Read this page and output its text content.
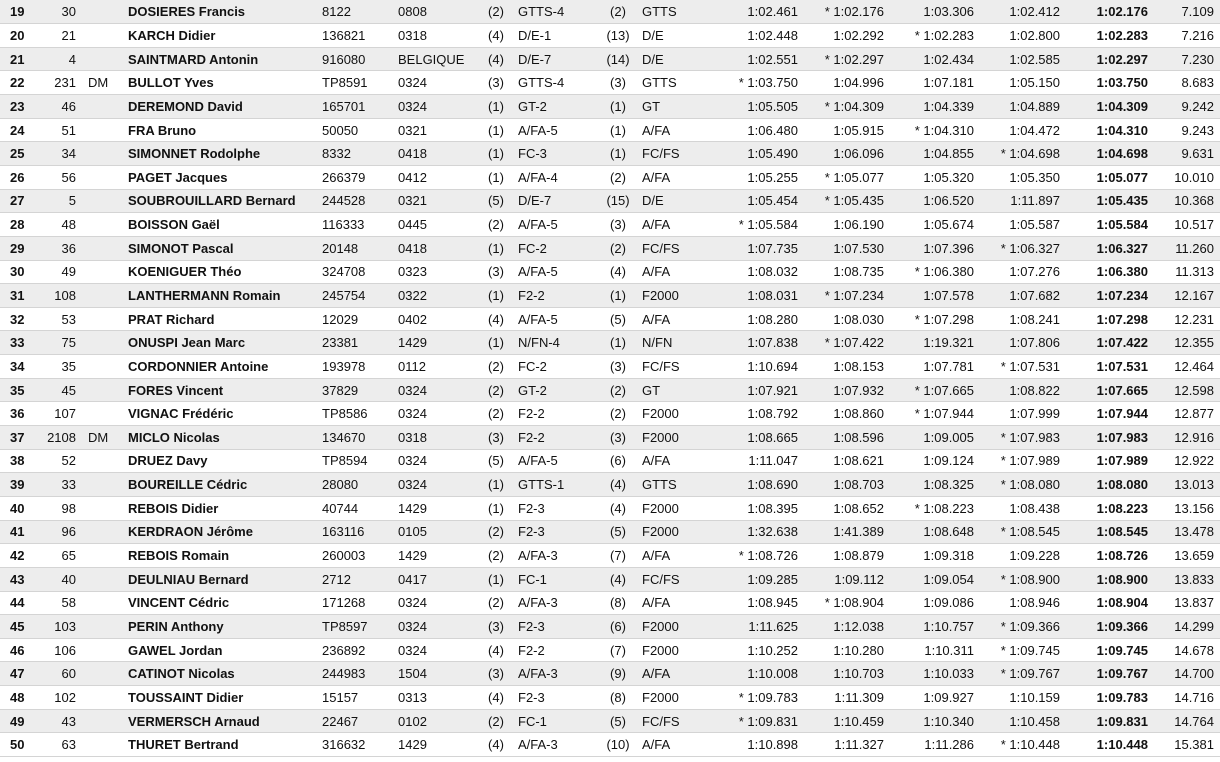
19	30		DOSIERES Francis	8122	0808	(2)	GTTS-4	(2)	GTTS	1:02.461	* 1:02.176	1:03.306	1:02.412	1:02.176	7.109
20	21		KARCH Didier	136821	0318	(4)	D/E-1	(13)	D/E	1:02.448	1:02.292	* 1:02.283	1:02.800	1:02.283	7.216
21	4		SAINTMARD Antonin	916080	BELGIQUE	(4)	D/E-7	(14)	D/E	1:02.551	* 1:02.297	1:02.434	1:02.585	1:02.297	7.230
22	231	DM	BULLOT Yves	TP8591	0324	(3)	GTTS-4	(3)	GTTS	* 1:03.750	1:04.996	1:07.181	1:05.150	1:03.750	8.683
23	46		DEREMOND David	165701	0324	(1)	GT-2	(1)	GT	1:05.505	* 1:04.309	1:04.339	1:04.889	1:04.309	9.242
24	51		FRA Bruno	50050	0321	(1)	A/FA-5	(1)	A/FA	1:06.480	1:05.915	* 1:04.310	1:04.472	1:04.310	9.243
25	34		SIMONNET Rodolphe	8332	0418	(1)	FC-3	(1)	FC/FS	1:05.490	1:06.096	1:04.855	* 1:04.698	1:04.698	9.631
26	56		PAGET Jacques	266379	0412	(1)	A/FA-4	(2)	A/FA	1:05.255	* 1:05.077	1:05.320	1:05.350	1:05.077	10.010
27	5		SOUBROUILLARD Bernard	244528	0321	(5)	D/E-7	(15)	D/E	1:05.454	* 1:05.435	1:06.520	1:11.897	1:05.435	10.368
28	48		BOISSON Gaël	116333	0445	(2)	A/FA-5	(3)	A/FA	* 1:05.584	1:06.190	1:05.674	1:05.587	1:05.584	10.517
29	36		SIMONOT Pascal	20148	0418	(1)	FC-2	(2)	FC/FS	1:07.735	1:07.530	1:07.396	* 1:06.327	1:06.327	11.260
30	49		KOENIGUER Théo	324708	0323	(3)	A/FA-5	(4)	A/FA	1:08.032	1:08.735	* 1:06.380	1:07.276	1:06.380	11.313
31	108		LANTHERMANN Romain	245754	0322	(1)	F2-2	(1)	F2000	1:08.031	* 1:07.234	1:07.578	1:07.682	1:07.234	12.167
32	53		PRAT Richard	12029	0402	(4)	A/FA-5	(5)	A/FA	1:08.280	1:08.030	* 1:07.298	1:08.241	1:07.298	12.231
33	75		ONUSPI Jean Marc	23381	1429	(1)	N/FN-4	(1)	N/FN	1:07.838	* 1:07.422	1:19.321	1:07.806	1:07.422	12.355
34	35		CORDONNIER Antoine	193978	0112	(2)	FC-2	(3)	FC/FS	1:10.694	1:08.153	1:07.781	* 1:07.531	1:07.531	12.464
35	45		FORES Vincent	37829	0324	(2)	GT-2	(2)	GT	1:07.921	1:07.932	* 1:07.665	1:08.822	1:07.665	12.598
36	107		VIGNAC Frédéric	TP8586	0324	(2)	F2-2	(2)	F2000	1:08.792	1:08.860	* 1:07.944	1:07.999	1:07.944	12.877
37	2108	DM	MICLO Nicolas	134670	0318	(3)	F2-2	(3)	F2000	1:08.665	1:08.596	1:09.005	* 1:07.983	1:07.983	12.916
38	52		DRUEZ Davy	TP8594	0324	(5)	A/FA-5	(6)	A/FA	1:11.047	1:08.621	1:09.124	* 1:07.989	1:07.989	12.922
39	33		BOUREILLE Cédric	28080	0324	(1)	GTTS-1	(4)	GTTS	1:08.690	1:08.703	1:08.325	* 1:08.080	1:08.080	13.013
40	98		REBOIS Didier	40744	1429	(1)	F2-3	(4)	F2000	1:08.395	1:08.652	* 1:08.223	1:08.438	1:08.223	13.156
41	96		KERDRAON Jérôme	163116	0105	(2)	F2-3	(5)	F2000	1:32.638	1:41.389	1:08.648	* 1:08.545	1:08.545	13.478
42	65		REBOIS Romain	260003	1429	(2)	A/FA-3	(7)	A/FA	* 1:08.726	1:08.879	1:09.318	1:09.228	1:08.726	13.659
43	40		DEULNIAU Bernard	2712	0417	(1)	FC-1	(4)	FC/FS	1:09.285	1:09.112	1:09.054	* 1:08.900	1:08.900	13.833
44	58		VINCENT Cédric	171268	0324	(2)	A/FA-3	(8)	A/FA	1:08.945	* 1:08.904	1:09.086	1:08.946	1:08.904	13.837
45	103		PERIN Anthony	TP8597	0324	(3)	F2-3	(6)	F2000	1:11.625	1:12.038	1:10.757	* 1:09.366	1:09.366	14.299
46	106		GAWEL Jordan	236892	0324	(4)	F2-2	(7)	F2000	1:10.252	1:10.280	1:10.311	* 1:09.745	1:09.745	14.678
47	60		CATINOT Nicolas	244983	1504	(3)	A/FA-3	(9)	A/FA	1:10.008	1:10.703	1:10.033	* 1:09.767	1:09.767	14.700
48	102		TOUSSAINT Didier	15157	0313	(4)	F2-3	(8)	F2000	* 1:09.783	1:11.309	1:09.927	1:10.159	1:09.783	14.716
49	43		VERMERSCH Arnaud	22467	0102	(2)	FC-1	(5)	FC/FS	* 1:09.831	1:10.459	1:10.340	1:10.458	1:09.831	14.764
50	63		THURET Bertrand	316632	1429	(4)	A/FA-3	(10)	A/FA	1:10.898	1:11.327	1:11.286	* 1:10.448	1:10.448	15.381
